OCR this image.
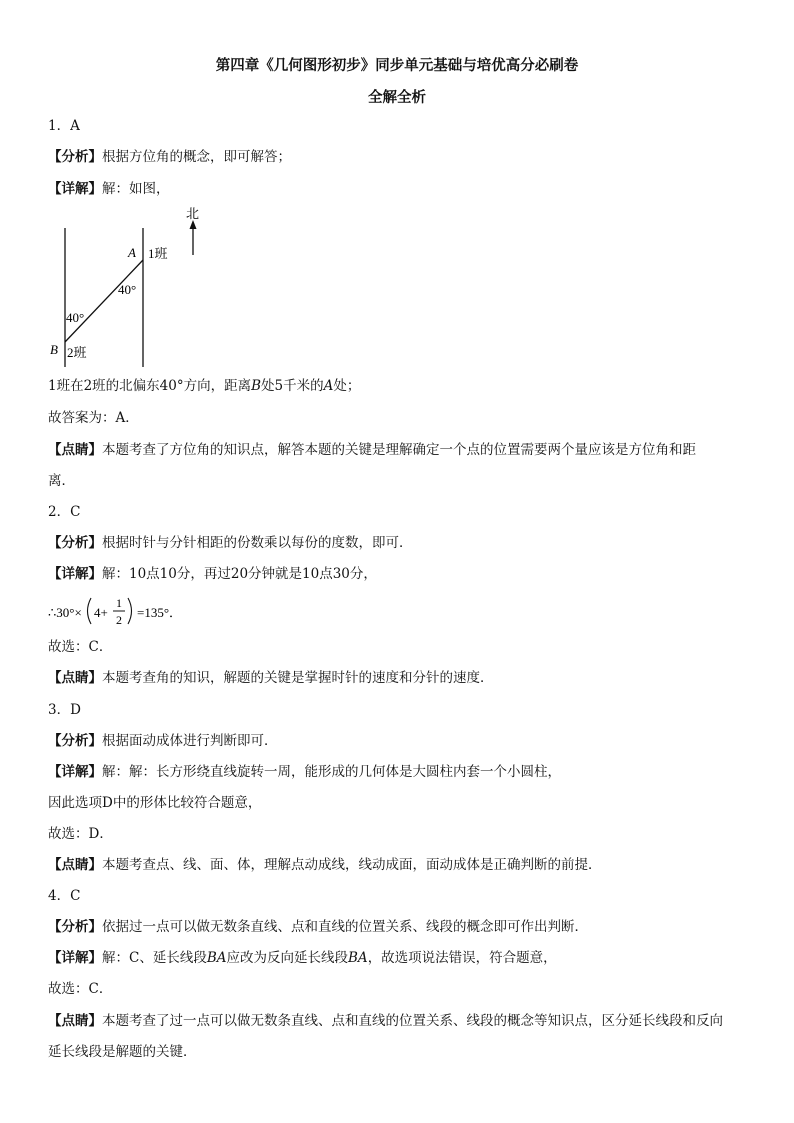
第四章《几何图形初步》同步单元基础与培优高分必刷卷
全解全析
1．A
【分析】根据方位角的概念，即可解答；
【详解】解：如图，
北
A 1班
40°
40°
B 2班
∴30°× 4+
1
2 =135°．
1班在2班的北偏东40°方向，距离B处5千米的A处；
故答案为：A．
【点睛】本题考查了方位角的知识点，解答本题的关键是理解确定一个点的位置需要两个量应该是方位角和距
离．
2．C
【分析】根据时针与分针相距的份数乘以每份的度数，即可．
【详解】解：10点10分，再过20分钟就是10点30分，
故选：C．
【点睛】本题考查角的知识，解题的关键是掌握时针的速度和分针的速度．
3．D
【分析】根据面动成体进行判断即可．
【详解】解：解：长方形绕直线旋转一周，能形成的几何体是大圆柱内套一个小圆柱，
因此选项D中的形体比较符合题意，
故选：D．
【点睛】本题考查点、线、面、体，理解点动成线，线动成面，面动成体是正确判断的前提．
4．C
【分析】依据过一点可以做无数条直线、点和直线的位置关系、线段的概念即可作出判断．
【详解】解：C、延长线段BA应改为反向延长线段BA，故选项说法错误，符合题意，
故选：C．
【点睛】本题考查了过一点可以做无数条直线、点和直线的位置关系、线段的概念等知识点，区分延长线段和反向
延长线段是解题的关键．
